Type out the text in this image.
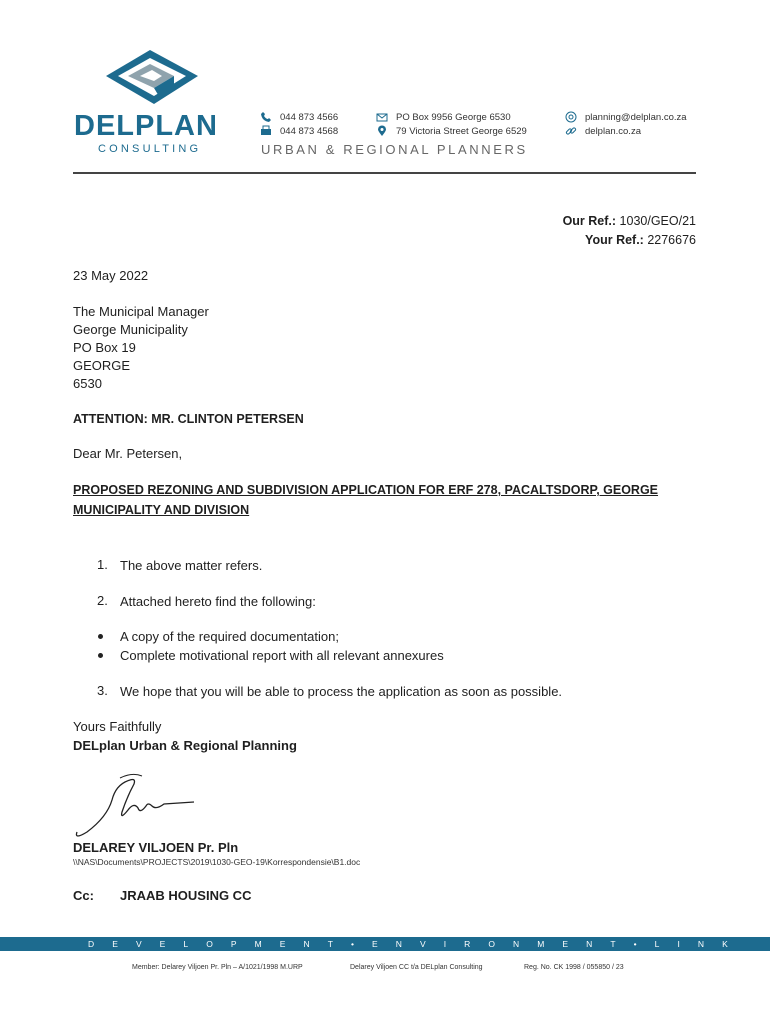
DELPLAN
CONSULTING
044 873 4566
044 873 4568
PO Box 9956 George 6530
79 Victoria Street George 6529
planning@delplan.co.za
delplan.co.za
URBAN & REGIONAL PLANNERS
Our Ref.: 1030/GEO/21
Your Ref.: 2276676
23 May 2022
The Municipal Manager
George Municipality
PO Box 19
GEORGE
6530
ATTENTION: MR. CLINTON PETERSEN
Dear Mr. Petersen,
PROPOSED REZONING AND SUBDIVISION APPLICATION FOR ERF 278, PACALTSDORP, GEORGE
MUNICIPALITY AND DIVISION
1. The above matter refers.
2. Attached hereto find the following:
A copy of the required documentation;
Complete motivational report with all relevant annexures
3. We hope that you will be able to process the application as soon as possible.
Yours Faithfully
DELplan Urban & Regional Planning
DELAREY VILJOEN Pr. Pln
\\NAS\Documents\PROJECTS\2019\1030-GEO-19\Korrespondensie\B1.doc
Cc: JRAAB HOUSING CC
D E V E L O P M E N T • E N V I R O N M E N T • L I N K
Member: Delarey Viljoen Pr. Pln – A/1021/1998 M.URP	Delarey Viljoen CC t/a DELplan Consulting	Reg. No. CK 1998 / 055850 / 23
